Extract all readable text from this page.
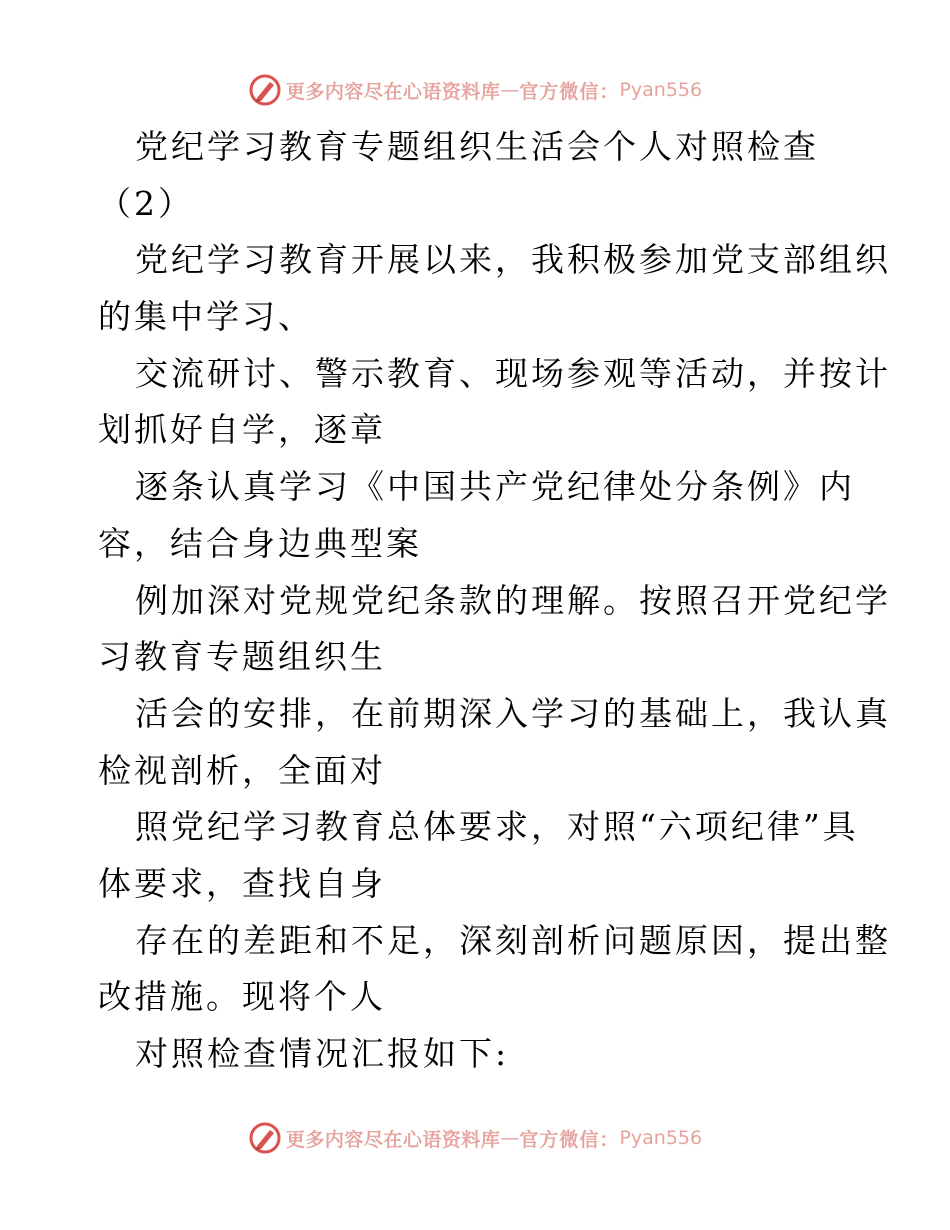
更多内容尽在心语资料库 — 官方微信： Pyan556
党纪学习教育专题组织生活会个人对照检查
（2）
党纪学习教育开展以来，我积极参加党支部组织
的集中学习、
交流研讨、警示教育、现场参观等活动，并按计
划抓好自学，逐章
逐条认真学习《中国共产党纪律处分条例》内
容，结合身边典型案
例加深对党规党纪条款的理解。按照召开党纪学
习教育专题组织生
活会的安排，在前期深入学习的基础上，我认真
检视剖析，全面对
照党纪学习教育总体要求，对照“六项纪律”具
体要求，查找自身
存在的差距和不足，深刻剖析问题原因，提出整
改措施。现将个人
对照检查情况汇报如下:
更多内容尽在心语资料库 — 官方微信： Pyan556
